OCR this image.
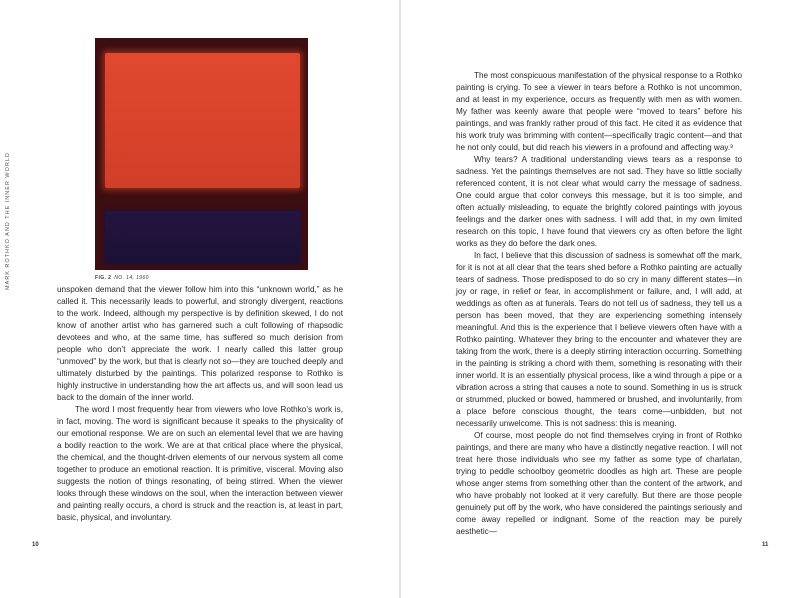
FIG. 2 NO. 14, 1960
MARK ROTHKO AND THE INNER WORLD	unspoken demand that the viewer follow him into this “unknown world,” as he called it. This necessarily leads to powerful, and strongly divergent, reactions to the work. Indeed, although my perspective is by definition skewed, I do not know of another artist who has garnered such a cult following of rhapsodic devotees and who, at the same time, has suffered so much derision from people who don’t appreciate the work. I nearly called this latter group “unmoved” by the work, but that is clearly not so—they are touched deeply and ultimately disturbed by the paintings. This polarized response to Rothko is highly instructive in understanding how the art affects us, and will soon lead us back to the domain of the inner world.

The word I most frequently hear from viewers who love Rothko’s work is, in fact, moving. The word is significant because it speaks to the physicality of our emotional response. We are on such an elemental level that we are having a bodily reaction to the work. We are at that critical place where the physical, the chemical, and the thought-driven elements of our nervous system all come together to produce an emotional reaction. It is primitive, visceral. Moving also suggests the notion of things resonating, of being stirred. When the viewer looks through these windows on the soul, when the interaction between viewer and painting really occurs, a chord is struck and the reaction is, at least in part, basic, physical, and involuntary.

10

The most conspicuous manifestation of the physical response to a Rothko painting is crying. To see a viewer in tears before a Rothko is not uncommon, and at least in my experience, occurs as frequently with men as with women. My father was keenly aware that people were “moved to tears” before his paintings, and was frankly rather proud of this fact. He cited it as evidence that his work truly was brimming with content—specifically tragic content—and that he not only could, but did reach his viewers in a profound and affecting way.³

Why tears? A traditional understanding views tears as a response to sadness. Yet the paintings themselves are not sad. They have so little socially referenced content, it is not clear what would carry the message of sadness. One could argue that color conveys this message, but it is too simple, and often actually misleading, to equate the brightly colored paintings with joyous feelings and the darker ones with sadness. I will add that, in my own limited research on this topic, I have found that viewers cry as often before the light works as they do before the dark ones.

In fact, I believe that this discussion of sadness is somewhat off the mark, for it is not at all clear that the tears shed before a Rothko painting are actually tears of sadness. Those predisposed to do so cry in many different states—in joy or rage, in relief or fear, in accomplishment or failure, and, I will add, at weddings as often as at funerals. Tears do not tell us of sadness, they tell us a person has been moved, that they are experiencing something intensely meaningful. And this is the experience that I believe viewers often have with a Rothko painting. Whatever they bring to the encounter and whatever they are taking from the work, there is a deeply stirring interaction occurring. Something in the painting is striking a chord with them, something is resonating with their inner world. It is an essentially physical process, like a wind through a pipe or a vibration across a string that causes a note to sound. Something in us is struck or strummed, plucked or bowed, hammered or brushed, and involuntarily, from a place before conscious thought, the tears come—unbidden, but not necessarily unwelcome. This is not sadness: this is meaning.

Of course, most people do not find themselves crying in front of Rothko paintings, and there are many who have a distinctly negative reaction. I will not treat here those individuals who see my father as some type of charlatan, trying to peddle schoolboy geometric doodles as high art. These are people whose anger stems from something other than the content of the artwork, and who have probably not looked at it very carefully. But there are those people genuinely put off by the work, who have considered the paintings seriously and come away repelled or indignant. Some of the reaction may be purely aesthetic—

11
